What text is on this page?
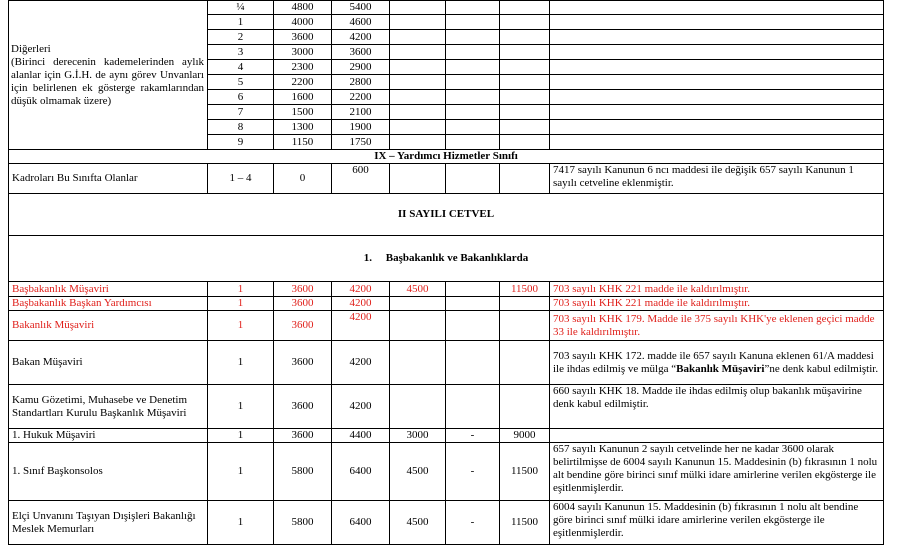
Diğerleri
(Birinci derecenin kademelerinden aylık alanlar için G.İ.H. de aynı görev Unvanları için belirlenen ek gösterge rakamlarından düşük olmamak üzere)	¼	4800	5400				
	1	4000	4600				
	2	3600	4200				
	3	3000	3600				
	4	2300	2900				
	5	2200	2800				
	6	1600	2200				
	7	1500	2100				
	8	1300	1900				
	9	1150	1750				
IX – Yardımcı Hizmetler Sınıfı							
Kadroları Bu Sınıfta Olanlar	1 – 4	0	600				7417 sayılı Kanunun 6 ncı maddesi ile değişik 657 sayılı Kanunun 1 sayılı cetveline eklenmiştir.
II SAYILI CETVEL							
1. Başbakanlık ve Bakanlıklarda							
Başbakanlık Müşaviri	1	3600	4200	4500		11500	703 sayılı KHK 221 madde ile kaldırılmıştır.
Başbakanlık Başkan Yardımcısı	1	3600	4200				703 sayılı KHK 221 madde ile kaldırılmıştır.
Bakanlık Müşaviri	1	3600	4200				703 sayılı KHK 179. Madde ile 375 sayılı KHK'ye eklenen geçici madde 33 ile kaldırılmıştır.
Bakan Müşaviri	1	3600	4200				703 sayılı KHK 172. madde ile 657 sayılı Kanuna eklenen 61/A maddesi ile ihdas edilmiş ve mülga “Bakanlık Müşaviri”ne denk kabul edilmiştir.
Kamu Gözetimi, Muhasebe ve Denetim Standartları Kurulu Başkanlık Müşaviri	1	3600	4200				660 sayılı KHK 18. Madde ile ihdas edilmiş olup bakanlık müşavirine denk kabul edilmiştir.
1. Hukuk Müşaviri	1	3600	4400	3000	-	9000	
1. Sınıf Başkonsolos	1	5800	6400	4500	-	11500	657 sayılı Kanunun 2 sayılı cetvelinde her ne kadar 3600 olarak belirtilmişse de 6004 sayılı Kanunun 15. Maddesinin (b) fıkrasının 1 nolu alt bendine göre birinci sınıf mülki idare amirlerine verilen ekgösterge ile eşitlenmişlerdir.
Elçi Unvanını Taşıyan Dışişleri Bakanlığı Meslek Memurları	1	5800	6400	4500	-	11500	6004 sayılı Kanunun 15. Maddesinin (b) fıkrasının 1 nolu alt bendine göre birinci sınıf mülki idare amirlerine verilen ekgösterge ile eşitlenmişlerdir.
